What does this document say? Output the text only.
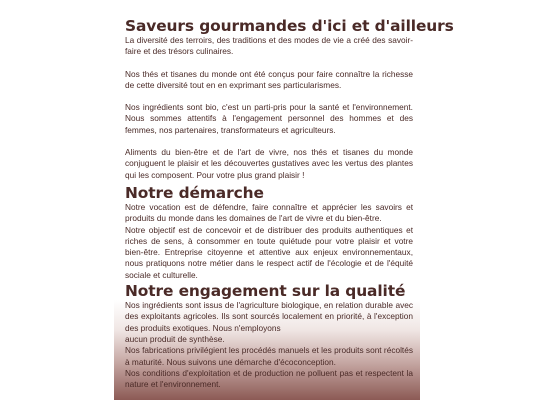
Saveurs gourmandes d'ici et d'ailleurs

La diversité des terroirs, des traditions et des modes de vie a créé des savoir-faire et des trésors culinaires.

Nos thés et tisanes du monde ont été conçus pour faire connaître la richesse de cette diversité tout en en exprimant ses particularismes.

Nos ingrédients sont bio, c'est un parti-pris pour la santé et l'environnement. Nous sommes attentifs à l'engagement personnel des hommes et des femmes, nos partenaires, transformateurs et agriculteurs.

Aliments du bien-être et de l'art de vivre, nos thés et tisanes du monde conjuguent le plaisir et les découvertes gustatives avec les vertus des plantes qui les composent. Pour votre plus grand plaisir !

Notre démarche

Notre vocation est de défendre, faire connaître et apprécier les savoirs et produits du monde dans les domaines de l'art de vivre et du bien-être.

Notre objectif est de concevoir et de distribuer des produits authentiques et riches de sens, à consommer en toute quiétude pour votre plaisir et votre bien-être. Entreprise citoyenne et attentive aux enjeux environnementaux, nous pratiquons notre métier dans le respect actif de l'écologie et de l'équité sociale et culturelle.

Notre engagement sur la qualité

Nos ingrédients sont issus de l'agriculture biologique, en relation durable avec des exploitants agricoles. Ils sont sourcés localement en priorité, à l'exception des produits exotiques. Nous n'employons

aucun produit de synthèse.

Nos fabrications privilégient les procédés manuels et les produits sont récoltés à maturité. Nous suivons une démarche d'écoconception.

Nos conditions d'exploitation et de production ne polluent pas et respectent la nature et l'environnement.
